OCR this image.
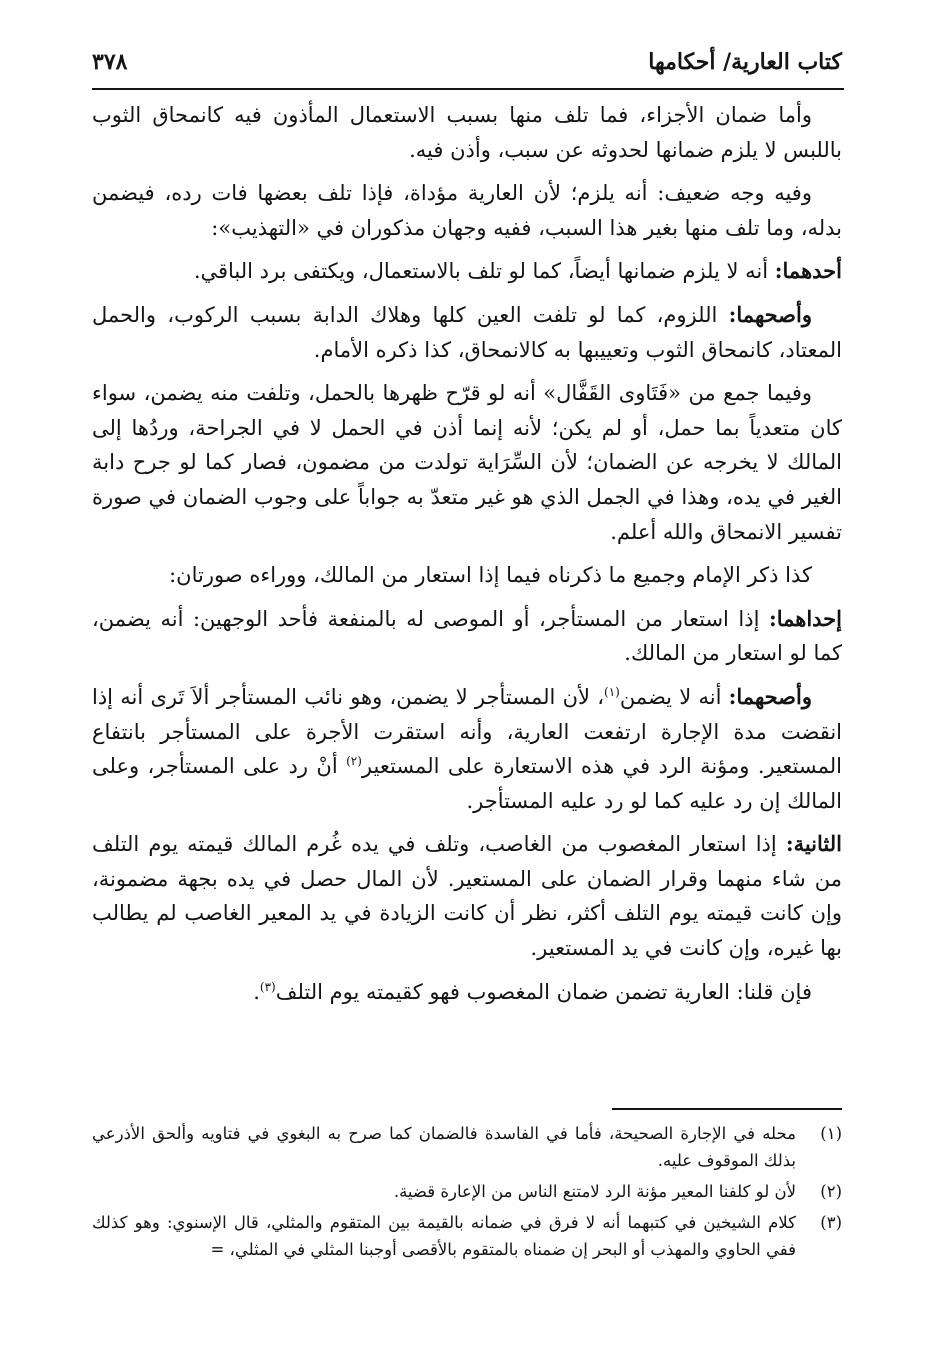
كتاب العارية/ أحكامها
٣٧٨

وأما ضمان الأجزاء، فما تلف منها بسبب الاستعمال المأذون فيه كانمحاق الثوب باللبس لا يلزم ضمانها لحدوثه عن سبب، وأذن فيه.

وفيه وجه ضعيف: أنه يلزم؛ لأن العارية مؤداة، فإذا تلف بعضها فات رده، فيضمن بدله، وما تلف منها بغير هذا السبب، ففيه وجهان مذكوران في «التهذيب»:

أحدهما: أنه لا يلزم ضمانها أيضاً، كما لو تلف بالاستعمال، ويكتفى برد الباقي.

وأصحهما: اللزوم، كما لو تلفت العين كلها وهلاك الدابة بسبب الركوب، والحمل المعتاد، كانمحاق الثوب وتعييبها به كالانمحاق، كذا ذكره الأمام.

وفيما جمع من «فَتَاوى القَفَّال» أنه لو قرّح ظهرها بالحمل، وتلفت منه يضمن، سواء كان متعدياً بما حمل، أو لم يكن؛ لأنه إنما أذن في الحمل لا في الجراحة، وردُها إلى المالك لا يخرجه عن الضمان؛ لأن السِّرَاية تولدت من مضمون، فصار كما لو جرح دابة الغير في يده، وهذا في الجمل الذي هو غير متعدّ به جواباً على وجوب الضمان في صورة تفسير الانمحاق والله أعلم.

كذا ذكر الإمام وجميع ما ذكرناه فيما إذا استعار من المالك، ووراءه صورتان:

إحداهما: إذا استعار من المستأجر، أو الموصى له بالمنفعة فأحد الوجهين: أنه يضمن، كما لو استعار من المالك.

وأصحهما: أنه لا يضمن$^{(١)}$، لأن المستأجر لا يضمن، وهو نائب المستأجر ألاَ تَرى أنه إذا انقضت مدة الإجارة ارتفعت العارية، وأنه استقرت الأجرة على المستأجر بانتفاع المستعير. ومؤنة الرد في هذه الاستعارة على المستعير$^{(٢)}$ أنْ رد على المستأجر، وعلى المالك إن رد عليه كما لو رد عليه المستأجر.

الثانية: إذا استعار المغصوب من الغاصب، وتلف في يده غُرم المالك قيمته يوم التلف من شاء منهما وقرار الضمان على المستعير. لأن المال حصل في يده بجهة مضمونة، وإن كانت قيمته يوم التلف أكثر، نظر أن كانت الزيادة في يد المعير الغاصب لم يطالب بها غيره، وإن كانت في يد المستعير.

فإن قلنا: العارية تضمن ضمان المغصوب فهو كقيمته يوم التلف$^{(٣)}$.

(١)
محله في الإجارة الصحيحة، فأما في الفاسدة فالضمان كما صرح به البغوي في فتاويه وألحق الأذرعي بذلك الموقوف عليه.
(٢)
لأن لو كلفنا المعير مؤنة الرد لامتنع الناس من الإعارة قضية.
(٣)
كلام الشيخين في كتبهما أنه لا فرق في ضمانه بالقيمة بين المتقوم والمثلي، قال الإسنوي: وهو كذلك ففي الحاوي والمهذب أو البحر إن ضمناه بالمتقوم بالأقصى أوجبنا المثلي في المثلي، =
